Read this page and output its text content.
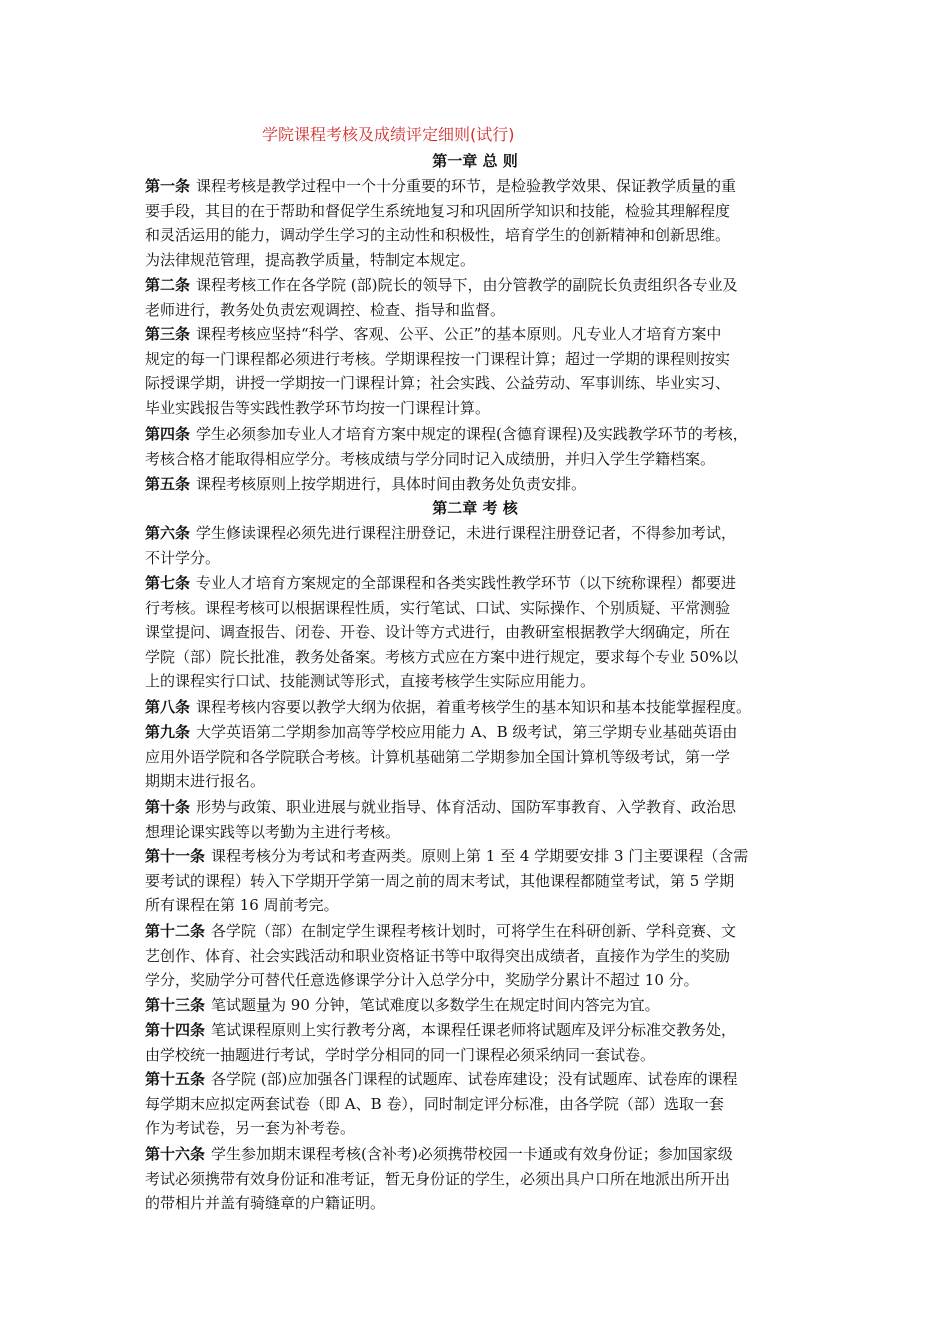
学院课程考核及成绩评定细则(试行)
第一章 总 则

第一条 课程考核是教学过程中一个十分重要的环节，是检验教学效果、保证教学质量的重

要手段，其目的在于帮助和督促学生系统地复习和巩固所学知识和技能，检验其理解程度

和灵活运用的能力，调动学生学习的主动性和积极性，培育学生的创新精神和创新思维。

为法律规范管理，提高教学质量，特制定本规定。

第二条 课程考核工作在各学院 (部)院长的领导下，由分管教学的副院长负责组织各专业及

老师进行，教务处负责宏观调控、检查、指导和监督。

第三条 课程考核应坚持“科学、客观、公平、公正”的基本原则。凡专业人才培育方案中

规定的每一门课程都必须进行考核。学期课程按一门课程计算；超过一学期的课程则按实

际授课学期，讲授一学期按一门课程计算；社会实践、公益劳动、军事训练、毕业实习、

毕业实践报告等实践性教学环节均按一门课程计算。

第四条 学生必须参加专业人才培育方案中规定的课程(含德育课程)及实践教学环节的考核，

考核合格才能取得相应学分。考核成绩与学分同时记入成绩册，并归入学生学籍档案。

第五条 课程考核原则上按学期进行，具体时间由教务处负责安排。

第二章 考 核

第六条 学生修读课程必须先进行课程注册登记，未进行课程注册登记者，不得参加考试，

不计学分。

第七条 专业人才培育方案规定的全部课程和各类实践性教学环节（以下统称课程）都要进

行考核。课程考核可以根据课程性质，实行笔试、口试、实际操作、个别质疑、平常测验

课堂提问、调查报告、闭卷、开卷、设计等方式进行，由教研室根据教学大纲确定，所在

学院（部）院长批准，教务处备案。考核方式应在方案中进行规定，要求每个专业 50%以

上的课程实行口试、技能测试等形式，直接考核学生实际应用能力。

第八条 课程考核内容要以教学大纲为依据，着重考核学生的基本知识和基本技能掌握程度。

第九条 大学英语第二学期参加高等学校应用能力 A、B 级考试，第三学期专业基础英语由

应用外语学院和各学院联合考核。计算机基础第二学期参加全国计算机等级考试，第一学

期期末进行报名。

第十条 形势与政策、职业进展与就业指导、体育活动、国防军事教育、入学教育、政治思

想理论课实践等以考勤为主进行考核。

第十一条 课程考核分为考试和考查两类。原则上第 1 至 4 学期要安排 3 门主要课程（含需

要考试的课程）转入下学期开学第一周之前的周末考试，其他课程都随堂考试，第 5 学期

所有课程在第 16 周前考完。

第十二条 各学院（部）在制定学生课程考核计划时，可将学生在科研创新、学科竞赛、文

艺创作、体育、社会实践活动和职业资格证书等中取得突出成绩者，直接作为学生的奖励

学分，奖励学分可替代任意选修课学分计入总学分中，奖励学分累计不超过 10 分。

第十三条 笔试题量为 90 分钟，笔试难度以多数学生在规定时间内答完为宜。

第十四条 笔试课程原则上实行教考分离，本课程任课老师将试题库及评分标准交教务处，

由学校统一抽题进行考试，学时学分相同的同一门课程必须采纳同一套试卷。

第十五条 各学院 (部)应加强各门课程的试题库、试卷库建设；没有试题库、试卷库的课程

每学期末应拟定两套试卷（即 A、B 卷），同时制定评分标准，由各学院（部）选取一套

作为考试卷，另一套为补考卷。

第十六条 学生参加期末课程考核(含补考)必须携带校园一卡通或有效身份证；参加国家级

考试必须携带有效身份证和准考证，暂无身份证的学生，必须出具户口所在地派出所开出

的带相片并盖有骑缝章的户籍证明。
